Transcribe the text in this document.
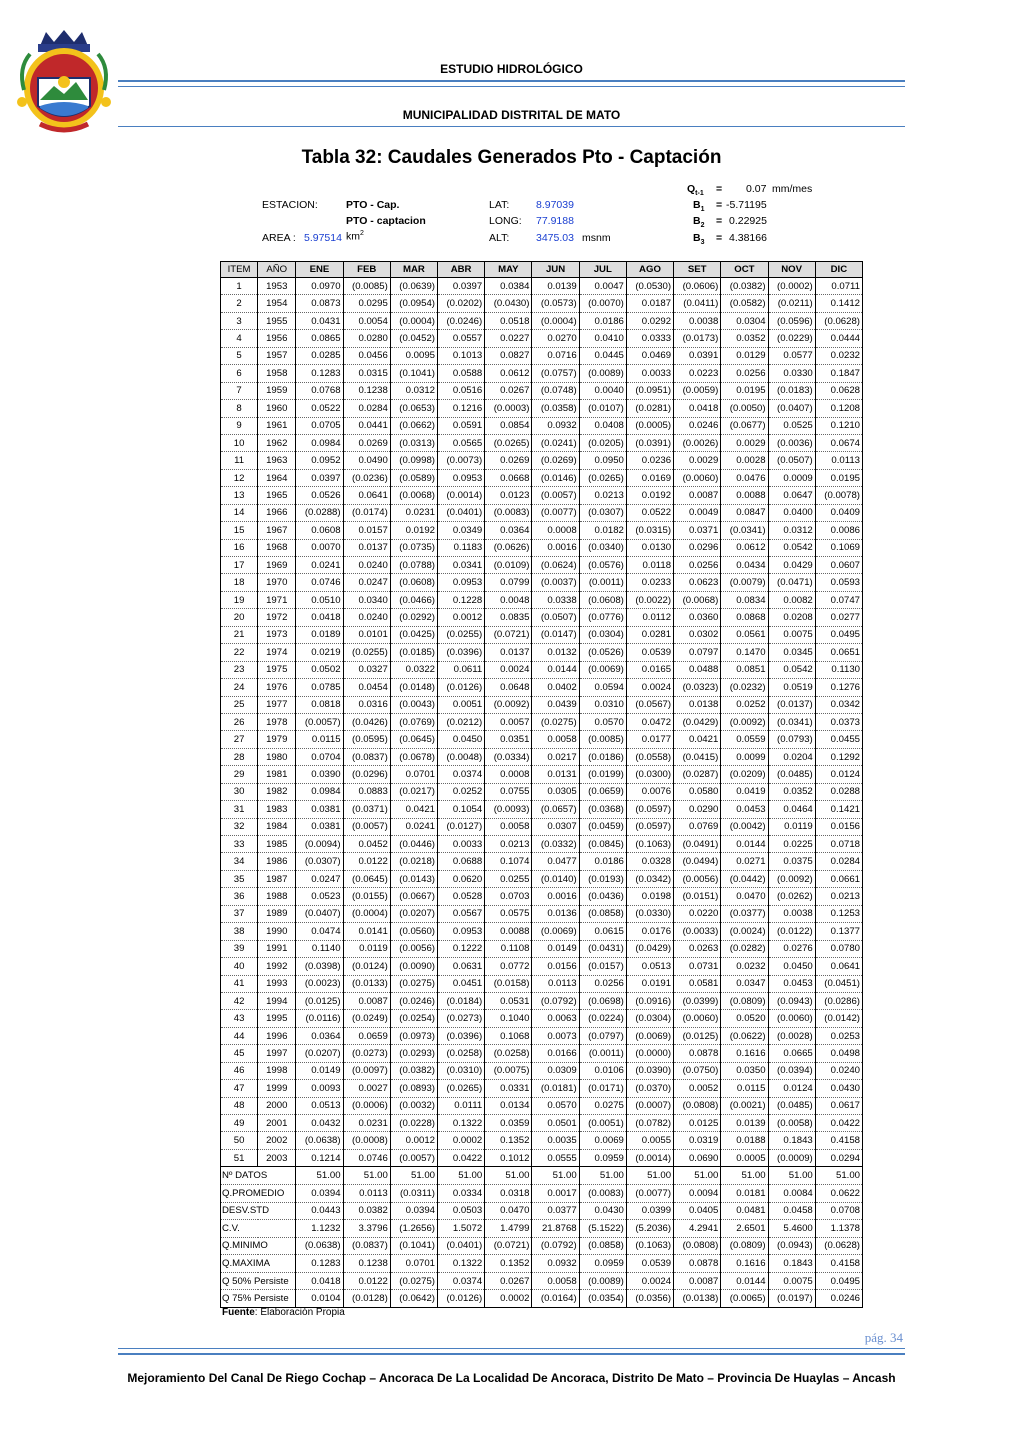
ESTUDIO HIDROLÓGICO
MUNICIPALIDAD DISTRITAL DE MATO
Tabla 32: Caudales Generados Pto - Captación
ESTACION:	PTO - Cap.
PTO - captacion
AREA : 5.97514 $km^2$
LAT:	8.97039
LONG: 77.9188
ALT:	3475.03 msnm
$Q_{t-1} = 0.07$ mm/mes
$B_1 = -5.71195$
$B_2 = 0.22925$
$B_3 = 4.38166$
ITEM	AÑO	ENE	FEB	MAR	ABR	MAY	JUN	JUL	AGO	SET	OCT	NOV	DIC
1	1953	0.0970	(0.0085)	(0.0639)	0.0397	0.0384	0.0139	0.0047	(0.0530)	(0.0606)	(0.0382)	(0.0002)	0.0711
2	1954	0.0873	0.0295	(0.0954)	(0.0202)	(0.0430)	(0.0573)	(0.0070)	0.0187	(0.0411)	(0.0582)	(0.0211)	0.1412
3	1955	0.0431	0.0054	(0.0004)	(0.0246)	0.0518	(0.0004)	0.0186	0.0292	0.0038	0.0304	(0.0596)	(0.0628)
4	1956	0.0865	0.0280	(0.0452)	0.0557	0.0227	0.0270	0.0410	0.0333	(0.0173)	0.0352	(0.0229)	0.0444
5	1957	0.0285	0.0456	0.0095	0.1013	0.0827	0.0716	0.0445	0.0469	0.0391	0.0129	0.0577	0.0232
6	1958	0.1283	0.0315	(0.1041)	0.0588	0.0612	(0.0757)	(0.0089)	0.0033	0.0223	0.0256	0.0330	0.1847
7	1959	0.0768	0.1238	0.0312	0.0516	0.0267	(0.0748)	0.0040	(0.0951)	(0.0059)	0.0195	(0.0183)	0.0628
8	1960	0.0522	0.0284	(0.0653)	0.1216	(0.0003)	(0.0358)	(0.0107)	(0.0281)	0.0418	(0.0050)	(0.0407)	0.1208
9	1961	0.0705	0.0441	(0.0662)	0.0591	0.0854	0.0932	0.0408	(0.0005)	0.0246	(0.0677)	0.0525	0.1210
10	1962	0.0984	0.0269	(0.0313)	0.0565	(0.0265)	(0.0241)	(0.0205)	(0.0391)	(0.0026)	0.0029	(0.0036)	0.0674
11	1963	0.0952	0.0490	(0.0998)	(0.0073)	0.0269	(0.0269)	0.0950	0.0236	0.0029	0.0028	(0.0507)	0.0113
12	1964	0.0397	(0.0236)	(0.0589)	0.0953	0.0668	(0.0146)	(0.0265)	0.0169	(0.0060)	0.0476	0.0009	0.0195
13	1965	0.0526	0.0641	(0.0068)	(0.0014)	0.0123	(0.0057)	0.0213	0.0192	0.0087	0.0088	0.0647	(0.0078)
14	1966	(0.0288)	(0.0174)	0.0231	(0.0401)	(0.0083)	(0.0077)	(0.0307)	0.0522	0.0049	0.0847	0.0400	0.0409
15	1967	0.0608	0.0157	0.0192	0.0349	0.0364	0.0008	0.0182	(0.0315)	0.0371	(0.0341)	0.0312	0.0086
16	1968	0.0070	0.0137	(0.0735)	0.1183	(0.0626)	0.0016	(0.0340)	0.0130	0.0296	0.0612	0.0542	0.1069
17	1969	0.0241	0.0240	(0.0788)	0.0341	(0.0109)	(0.0624)	(0.0576)	0.0118	0.0256	0.0434	0.0429	0.0607
18	1970	0.0746	0.0247	(0.0608)	0.0953	0.0799	(0.0037)	(0.0011)	0.0233	0.0623	(0.0079)	(0.0471)	0.0593
19	1971	0.0510	0.0340	(0.0466)	0.1228	0.0048	0.0338	(0.0608)	(0.0022)	(0.0068)	0.0834	0.0082	0.0747
20	1972	0.0418	0.0240	(0.0292)	0.0012	0.0835	(0.0507)	(0.0776)	0.0112	0.0360	0.0868	0.0208	0.0277
21	1973	0.0189	0.0101	(0.0425)	(0.0255)	(0.0721)	(0.0147)	(0.0304)	0.0281	0.0302	0.0561	0.0075	0.0495
22	1974	0.0219	(0.0255)	(0.0185)	(0.0396)	0.0137	0.0132	(0.0526)	0.0539	0.0797	0.1470	0.0345	0.0651
23	1975	0.0502	0.0327	0.0322	0.0611	0.0024	0.0144	(0.0069)	0.0165	0.0488	0.0851	0.0542	0.1130
24	1976	0.0785	0.0454	(0.0148)	(0.0126)	0.0648	0.0402	0.0594	0.0024	(0.0323)	(0.0232)	0.0519	0.1276
25	1977	0.0818	0.0316	(0.0043)	0.0051	(0.0092)	0.0439	0.0310	(0.0567)	0.0138	0.0252	(0.0137)	0.0342
26	1978	(0.0057)	(0.0426)	(0.0769)	(0.0212)	0.0057	(0.0275)	0.0570	0.0472	(0.0429)	(0.0092)	(0.0341)	0.0373
27	1979	0.0115	(0.0595)	(0.0645)	0.0450	0.0351	0.0058	(0.0085)	0.0177	0.0421	0.0559	(0.0793)	0.0455
28	1980	0.0704	(0.0837)	(0.0678)	(0.0048)	(0.0334)	0.0217	(0.0186)	(0.0558)	(0.0415)	0.0099	0.0204	0.1292
29	1981	0.0390	(0.0296)	0.0701	0.0374	0.0008	0.0131	(0.0199)	(0.0300)	(0.0287)	(0.0209)	(0.0485)	0.0124
30	1982	0.0984	0.0883	(0.0217)	0.0252	0.0755	0.0305	(0.0659)	0.0076	0.0580	0.0419	0.0352	0.0288
31	1983	0.0381	(0.0371)	0.0421	0.1054	(0.0093)	(0.0657)	(0.0368)	(0.0597)	0.0290	0.0453	0.0464	0.1421
32	1984	0.0381	(0.0057)	0.0241	(0.0127)	0.0058	0.0307	(0.0459)	(0.0597)	0.0769	(0.0042)	0.0119	0.0156
33	1985	(0.0094)	0.0452	(0.0446)	0.0033	0.0213	(0.0332)	(0.0845)	(0.1063)	(0.0491)	0.0144	0.0225	0.0718
34	1986	(0.0307)	0.0122	(0.0218)	0.0688	0.1074	0.0477	0.0186	0.0328	(0.0494)	0.0271	0.0375	0.0284
35	1987	0.0247	(0.0645)	(0.0143)	0.0620	0.0255	(0.0140)	(0.0193)	(0.0342)	(0.0056)	(0.0442)	(0.0092)	0.0661
36	1988	0.0523	(0.0155)	(0.0667)	0.0528	0.0703	0.0016	(0.0436)	0.0198	(0.0151)	0.0470	(0.0262)	0.0213
37	1989	(0.0407)	(0.0004)	(0.0207)	0.0567	0.0575	0.0136	(0.0858)	(0.0330)	0.0220	(0.0377)	0.0038	0.1253
38	1990	0.0474	0.0141	(0.0560)	0.0953	0.0088	(0.0069)	0.0615	0.0176	(0.0033)	(0.0024)	(0.0122)	0.1377
39	1991	0.1140	0.0119	(0.0056)	0.1222	0.1108	0.0149	(0.0431)	(0.0429)	0.0263	(0.0282)	0.0276	0.0780
40	1992	(0.0398)	(0.0124)	(0.0090)	0.0631	0.0772	0.0156	(0.0157)	0.0513	0.0731	0.0232	0.0450	0.0641
41	1993	(0.0023)	(0.0133)	(0.0275)	0.0451	(0.0158)	0.0113	0.0256	0.0191	0.0581	0.0347	0.0453	(0.0451)
42	1994	(0.0125)	0.0087	(0.0246)	(0.0184)	0.0531	(0.0792)	(0.0698)	(0.0916)	(0.0399)	(0.0809)	(0.0943)	(0.0286)
43	1995	(0.0116)	(0.0249)	(0.0254)	(0.0273)	0.1040	0.0063	(0.0224)	(0.0304)	(0.0060)	0.0520	(0.0060)	(0.0142)
44	1996	0.0364	0.0659	(0.0973)	(0.0396)	0.1068	0.0073	(0.0797)	(0.0069)	(0.0125)	(0.0622)	(0.0028)	0.0253
45	1997	(0.0207)	(0.0273)	(0.0293)	(0.0258)	(0.0258)	0.0166	(0.0011)	(0.0000)	0.0878	0.1616	0.0665	0.0498
46	1998	0.0149	(0.0097)	(0.0382)	(0.0310)	(0.0075)	0.0309	0.0106	(0.0390)	(0.0750)	0.0350	(0.0394)	0.0240
47	1999	0.0093	0.0027	(0.0893)	(0.0265)	0.0331	(0.0181)	(0.0171)	(0.0370)	0.0052	0.0115	0.0124	0.0430
48	2000	0.0513	(0.0006)	(0.0032)	0.0111	0.0134	0.0570	0.0275	(0.0007)	(0.0808)	(0.0021)	(0.0485)	0.0617
49	2001	0.0432	0.0231	(0.0228)	0.1322	0.0359	0.0501	(0.0051)	(0.0782)	0.0125	0.0139	(0.0058)	0.0422
50	2002	(0.0638)	(0.0008)	0.0012	0.0002	0.1352	0.0035	0.0069	0.0055	0.0319	0.0188	0.1843	0.4158
51	2003	0.1214	0.0746	(0.0057)	0.0422	0.1012	0.0555	0.0959	(0.0014)	0.0690	0.0005	(0.0009)	0.0294
Nº DATOS		51.00	51.00	51.00	51.00	51.00	51.00	51.00	51.00	51.00	51.00	51.00	51.00
Q.PROMEDIO		0.0394	0.0113	(0.0311)	0.0334	0.0318	0.0017	(0.0083)	(0.0077)	0.0094	0.0181	0.0084	0.0622
DESV.STD		0.0443	0.0382	0.0394	0.0503	0.0470	0.0377	0.0430	0.0399	0.0405	0.0481	0.0458	0.0708
C.V.		1.1232	3.3796	(1.2656)	1.5072	1.4799	21.8768	(5.1522)	(5.2036)	4.2941	2.6501	5.4600	1.1378
Q.MINIMO		(0.0638)	(0.0837)	(0.1041)	(0.0401)	(0.0721)	(0.0792)	(0.0858)	(0.1063)	(0.0808)	(0.0809)	(0.0943)	(0.0628)
Q.MAXIMA		0.1283	0.1238	0.0701	0.1322	0.1352	0.0932	0.0959	0.0539	0.0878	0.1616	0.1843	0.4158
Q 50% Persiste		0.0418	0.0122	(0.0275)	0.0374	0.0267	0.0058	(0.0089)	0.0024	0.0087	0.0144	0.0075	0.0495
Q 75% Persiste		0.0104	(0.0128)	(0.0642)	(0.0126)	0.0002	(0.0164)	(0.0354)	(0.0356)	(0.0138)	(0.0065)	(0.0197)	0.0246
Fuente: Elaboración Propia
pág. 34
Mejoramiento Del Canal De Riego Cochap – Ancoraca De La Localidad De Ancoraca, Distrito De Mato – Provincia De Huaylas – Ancash
